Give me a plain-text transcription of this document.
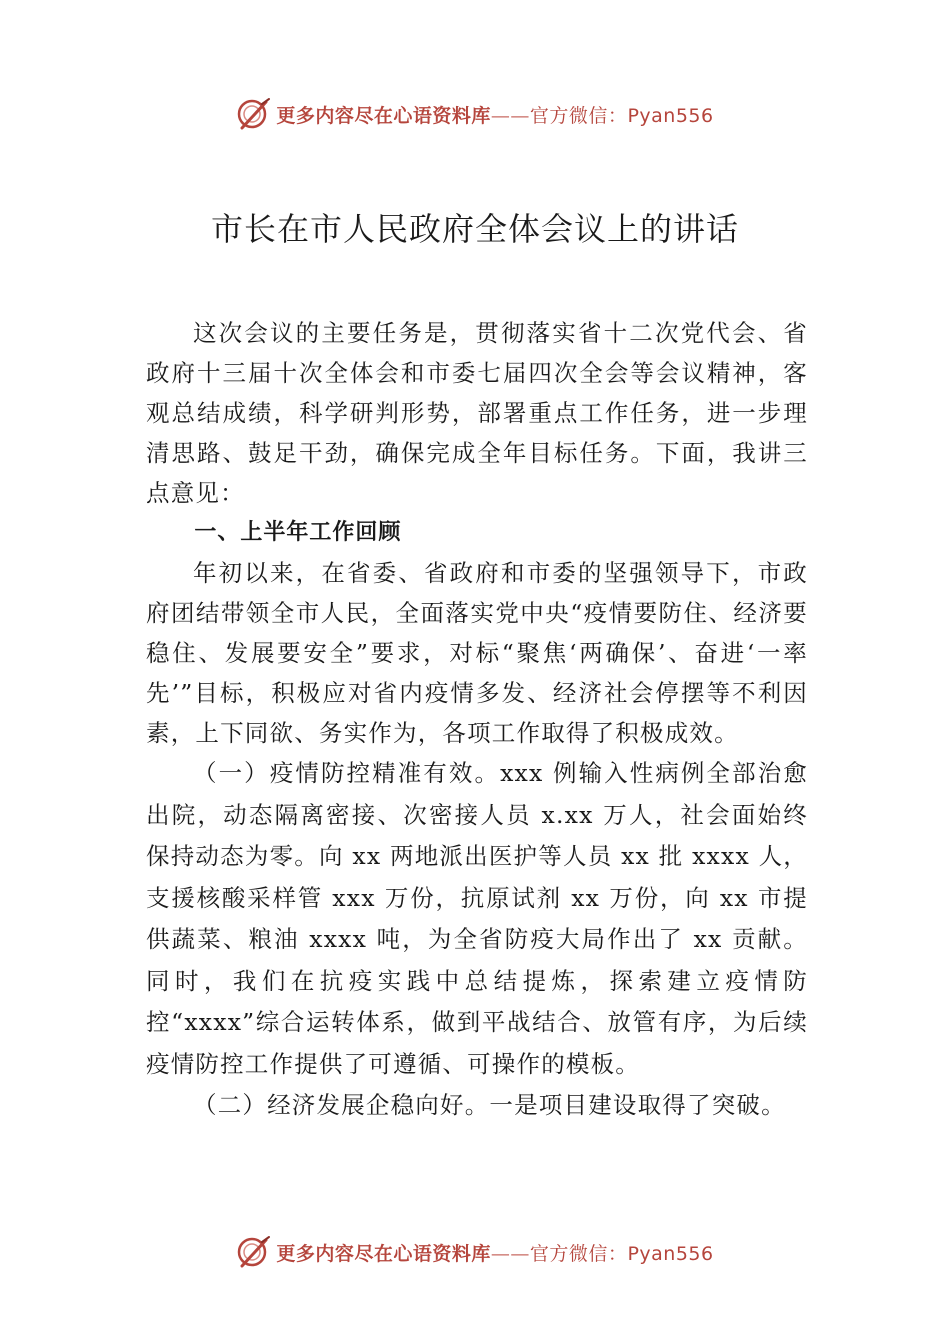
更多内容尽在心语资料库——官方微信：Pyan556
市长在市人民政府全体会议上的讲话

这次会议的主要任务是，贯彻落实省十二次党代会、省政府十三届十次全体会和市委七届四次全会等会议精神，客观总结成绩，科学研判形势，部署重点工作任务，进一步理清思路、鼓足干劲，确保完成全年目标任务。下面，我讲三点意见：

一、上半年工作回顾

年初以来，在省委、省政府和市委的坚强领导下，市政府团结带领全市人民，全面落实党中央“疫情要防住、经济要稳住、发展要安全”要求，对标“聚焦‘两确保’、奋进‘一率先’”目标，积极应对省内疫情多发、经济社会停摆等不利因素，上下同欲、务实作为，各项工作取得了积极成效。

（一）疫情防控精准有效。xxx 例输入性病例全部治愈出院，动态隔离密接、次密接人员 x.xx 万人，社会面始终保持动态为零。向 xx 两地派出医护等人员 xx 批 xxxx 人，支援核酸采样管 xxx 万份，抗原试剂 xx 万份，向 xx 市提供蔬菜、粮油 xxxx 吨，为全省防疫大局作出了 xx 贡献。同时，我们在抗疫实践中总结提炼，探索建立疫情防控“xxxx”综合运转体系，做到平战结合、放管有序，为后续疫情防控工作提供了可遵循、可操作的模板。

（二）经济发展企稳向好。一是项目建设取得了突破。

更多内容尽在心语资料库——官方微信：Pyan556
